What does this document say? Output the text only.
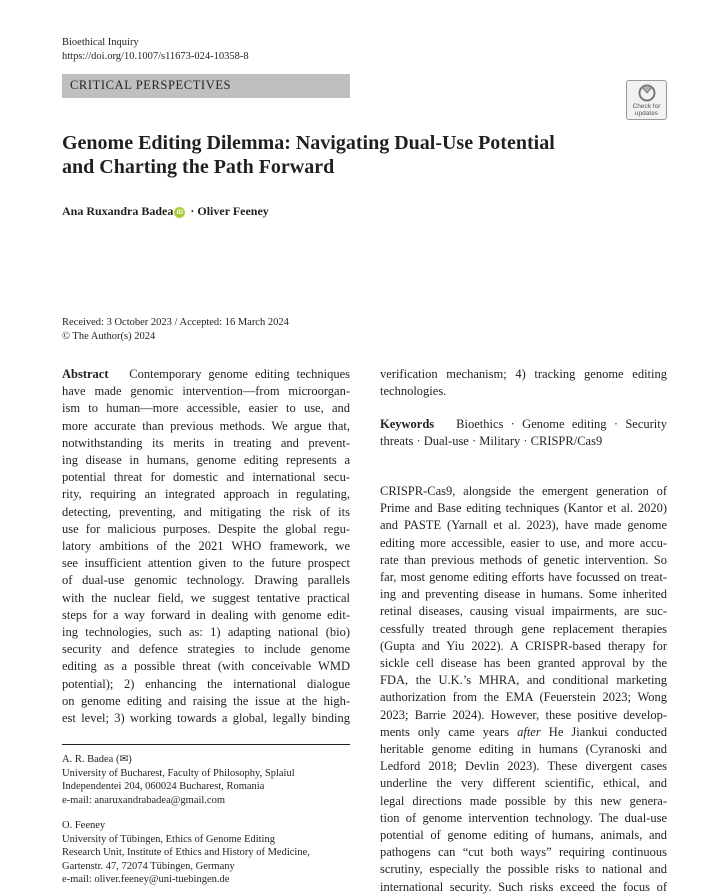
Bioethical Inquiry
https://doi.org/10.1007/s11673-024-10358-8
CRITICAL PERSPECTIVES
Check for
updates
Genome Editing Dilemma: Navigating Dual-Use Potential
and Charting the Path Forward
Ana Ruxandra Badea iD · Oliver Feeney
Received: 3 October 2023 / Accepted: 16 March 2024
© The Author(s) 2024
Abstract Contemporary genome editing techniques
have made genomic intervention—from microorgan-
ism to human—more accessible, easier to use, and
more accurate than previous methods. We argue that,
notwithstanding its merits in treating and prevent-
ing disease in humans, genome editing represents a
potential threat for domestic and international secu-
rity, requiring an integrated approach in regulating,
detecting, preventing, and mitigating the risk of its
use for malicious purposes. Despite the global regu-
latory ambitions of the 2021 WHO framework, we
see insufficient attention given to the future prospect
of dual-use genomic technology. Drawing parallels
with the nuclear field, we suggest tentative practical
steps for a way forward in dealing with genome edit-
ing technologies, such as: 1) adapting national (bio)
security and defence strategies to include genome
editing as a possible threat (with conceivable WMD
potential); 2) enhancing the international dialogue
on genome editing and raising the issue at the high-
est level; 3) working towards a global, legally binding
verification mechanism; 4) tracking genome editing
technologies.
Keywords Bioethics · Genome editing · Security
threats · Dual-use · Military · CRISPR/Cas9
CRISPR-Cas9, alongside the emergent generation of
Prime and Base editing techniques (Kantor et al. 2020)
and PASTE (Yarnall et al. 2023), have made genome
editing more accessible, easier to use, and more accu-
rate than previous methods of genetic intervention. So
far, most genome editing efforts have focussed on treat-
ing and preventing disease in humans. Some inherited
retinal diseases, causing visual impairments, are suc-
cessfully treated through gene replacement therapies
(Gupta and Yiu 2022). A CRISPR-based therapy for
sickle cell disease has been granted approval by the
FDA, the U.K.’s MHRA, and conditional marketing
authorization from the EMA (Feuerstein 2023; Wong
2023; Barrie 2024). However, these positive develop-
ments only came years after He Jiankui conducted
heritable genome editing in humans (Cyranoski and
Ledford 2018; Devlin 2023). These divergent cases
underline the very different scientific, ethical, and
legal directions made possible by this new genera-
tion of genome intervention technology. The dual-use
potential of genome editing of humans, animals, and
pathogens can “cut both ways” requiring continuous
scrutiny, especially the possible risks to national and
international security. Such risks exceed the focus of
A. R. Badea (✉)
University of Bucharest, Faculty of Philosophy, Splaiul
Independentei 204, 060024 Bucharest, Romania
e-mail: anaruxandrabadea@gmail.com
O. Feeney
University of Tübingen, Ethics of Genome Editing
Research Unit, Institute of Ethics and History of Medicine,
Gartenstr. 47, 72074 Tübingen, Germany
e-mail: oliver.feeney@uni-tuebingen.de
